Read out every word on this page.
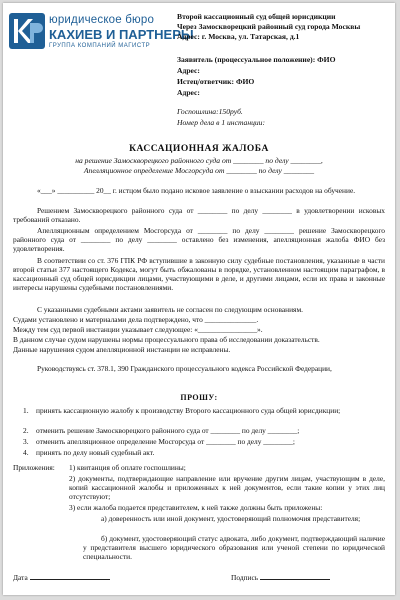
юридическое бюро
КАХИЕВ И ПАРТНЕРЫ
ГРУППА КОМПАНИЙ МАГИСТР
Второй кассационный суд общей юрисдикции
Через Замоскворецкий районный суд города Москвы
Адрес: г. Москва, ул. Татарская, д.1
Заявитель (процессуальное положение): ФИО
Адрес:
Истец/ответчик: ФИО
Адрес:
Госпошлина:150руб.
Номер дела в 1 инстанции:
КАССАЦИОННАЯ ЖАЛОБА
на решение Замоскворецкого районного суда от ________ по делу ________,
Апелляционное определение Мосгорсуда от ________ по делу ________

«___» __________ 20__ г. истцом было подано исковое заявление о взыскании расходов на обучение.

Решением Замоскворецкого районного суда от ________ по делу ________ в удовлетворении исковых требований отказано.

Апелляционным определением Мосгорсуда от ________ по делу ________ решение Замоскворецкого районного суда от ________ по делу ________ оставлено без изменения, апелляционная жалоба ФИО без удовлетворения.

В соответствии со ст. 376 ГПК РФ вступившие в законную силу судебные постановления, указанные в части второй статьи 377 настоящего Кодекса, могут быть обжалованы в порядке, установленном настоящим параграфом, в кассационный суд общей юрисдикции лицами, участвующими в деле, и другими лицами, если их права и законные интересы нарушены судебными постановлениями.

С указанными судебными актами заявитель не согласен по следующим основаниям.

Судами установлено и материалами дела подтверждено, что ______________.
Между тем суд первой инстанции указывает следующее: «________________».
В данном случае судом нарушены нормы процессуального права об исследовании доказательств.
Данные нарушения судом апелляционной инстанции не исправлены.

Руководствуясь ст. 378.1, 390 Гражданского процессуального кодекса Российской Федерации,

ПРОШУ:
1.	принять кассационную жалобу к производству Второго кассационного суда общей юрисдикции;
2.	отменить решение Замоскворецкого районного суда от ________ по делу ________;
3.	отменить апелляционное определение Мосгорсуда от ________ по делу ________;
4.	принять по делу новый судебный акт.
Приложения:	1) квитанция об оплате госпошлины;
2) документы, подтверждающие направление или вручение другим лицам, участвующим в деле, копий кассационной жалобы и приложенных к ней документов, если такие копии у этих лиц отсутствуют;
3) если жалоба подается представителем, к ней также должны быть приложены:
а) доверенность или иной документ, удостоверяющий полномочия представителя;
б) документ, удостоверяющий статус адвоката, либо документ, подтверждающий наличие у представителя высшего юридического образования или ученой степени по юридической специальности.
Дата	Подпись
